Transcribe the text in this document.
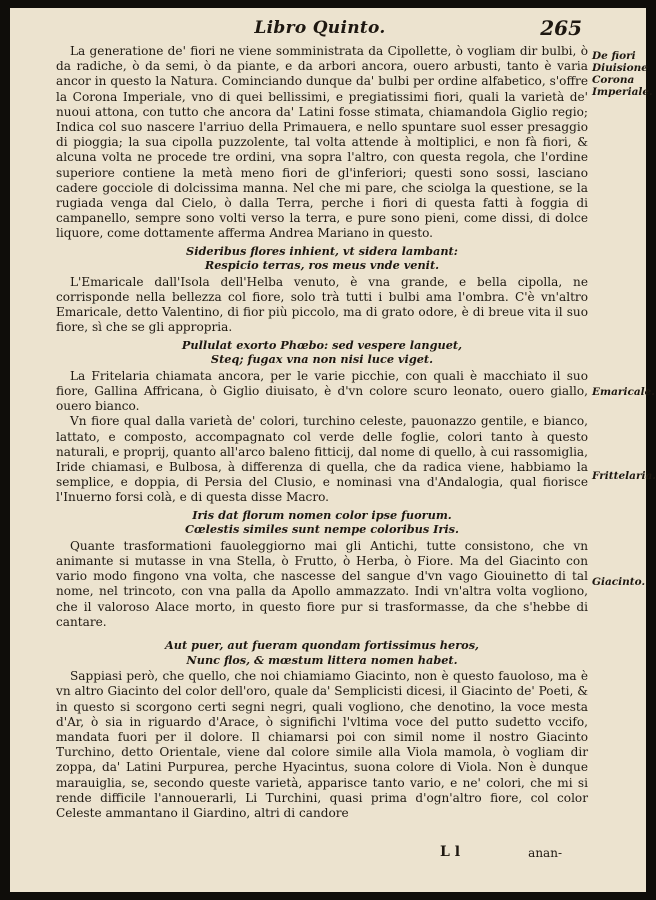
Libro Quinto.	265

La generatione de' fiori ne viene somministrata da Cipollette, ò vogliam dir bulbi, ò da radiche, ò da semi, ò da piante, e da arbori ancora, ouero arbusti, tanto è varia ancor in questo la Natura. Cominciando dunque da' bulbi per ordine alfabetico, s'offre la Corona Imperiale, vno di quei bellissimi, e pregiatissimi fiori, quali la varietà de' nuoui attona, con tutto che ancora da' Latini fosse stimata, chiamandola Giglio regio; Indica col suo nascere l'arriuo della Primauera, e nello spuntare suol esser presaggio di pioggia; la sua cipolla puzzolente, tal volta attende à moltiplici, e non fà fiori, & alcuna volta ne procede tre ordini, vna sopra l'altro, con questa regola, che l'ordine superiore contiene la metà meno fiori de gl'inferiori; questi sono sossi, lasciano cadere gocciole di dolcissima manna. Nel che mi pare, che sciolga la questione, se la rugiada venga dal Cielo, ò dalla Terra, perche i fiori di questa fatti à foggia di campanello, sempre sono volti verso la terra, e pure sono pieni, come dissi, di dolce liquore, come dottamente afferma Andrea Mariano in questo.

Sideribus flores inhient, vt sidera lambant:
Respicio terras, ros meus vnde venit.

L'Emaricale dall'Isola dell'Helba venuto, è vna grande, e bella cipolla, ne corrisponde nella bellezza col fiore, solo trà tutti i bulbi ama l'ombra. C'è vn'altro Emaricale, detto Valentino, di fior più piccolo, ma di grato odore, è di breue vita il suo fiore, sì che se gli appropria.

Pullulat exorto Phœbo: sed vespere languet,
Steq; fugax vna non nisi luce viget.

La Fritelaria chiamata ancora, per le varie picchie, con quali è macchiato il suo fiore, Gallina Affricana, ò Giglio diuisato, è d'vn colore scuro leonato, ouero giallo, ouero bianco.

Vn fiore qual dalla varietà de' colori, turchino celeste, pauonazzo gentile, e bianco, lattato, e composto, accompagnato col verde delle foglie, colori tanto à questo naturali, e proprij, quanto all'arco baleno fitticij, dal nome di quello, à cui rassomiglia, Iride chiamasi, e Bulbosa, à differenza di quella, che da radica viene, habbiamo la semplice, e doppia, di Persia del Clusio, e nominasi vna d'Andalogia, qual fiorisce l'Inuerno forsi colà, e di questa disse Macro.

Iris dat florum nomen color ipse fuorum.
Cœlestis similes sunt nempe coloribus Iris.

Quante trasformationi fauoleggiorno mai gli Antichi, tutte consistono, che vn animante si mutasse in vna Stella, ò Frutto, ò Herba, ò Fiore. Ma del Giacinto con vario modo fingono vna volta, che nascesse del sangue d'vn vago Giouinetto di tal nome, nel trincoto, con vna palla da Apollo ammazzato. Indi vn'altra volta vogliono, che il valoroso Alace morto, in questo fiore pur si trasformasse, da che s'hebbe di cantare.

Aut puer, aut fueram quondam fortissimus heros,
Nunc flos, & mœstum littera nomen habet.

Sappiasi però, che quello, che noi chiamiamo Giacinto, non è questo fauoloso, ma è vn altro Giacinto del color dell'oro, quale da' Semplicisti dicesi, il Giacinto de' Poeti, & in questo si scorgono certi segni negri, quali vogliono, che denotino, la voce mesta d'Ar, ò sia in riguardo d'Arace, ò significhi l'vltima voce del putto sudetto vccifo, mandata fuori per il dolore. Il chiamarsi poi con simil nome il nostro Giacinto Turchino, detto Orientale, viene dal colore simile alla Viola mamola, ò vogliam dir zoppa, da' Latini Purpurea, perche Hyacintus, suona colore di Viola. Non è dunque marauiglia, se, secondo queste varietà, apparisce tanto vario, e ne' colori, che mi si rende difficile l'annouerarli, Li Turchini, quasi prima d'ogn'altro fiore, col color Celeste ammantano il Giardino, altri di candore

De fiori Diuisione Corona Imperiale.
Emaricale.
Frittelaria.
Giacinto.
L l	anan-
